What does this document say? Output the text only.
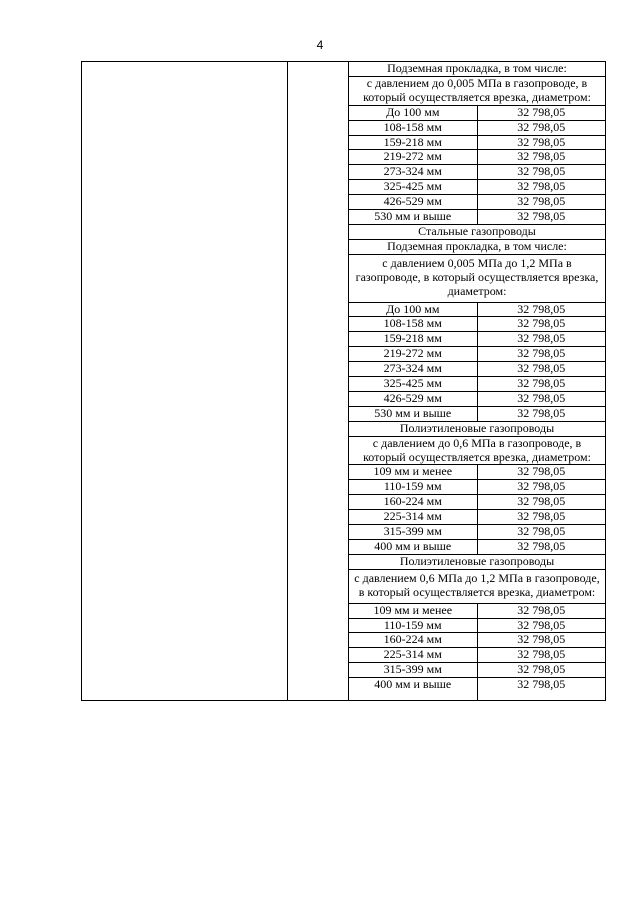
4

Подземная прокладка, в том числе:
с давлением до 0,005 МПа в газопроводе, в который осуществляется врезка, диаметром:
До 100 мм	32 798,05
108-158 мм	32 798,05
159-218 мм	32 798,05
219-272 мм	32 798,05
273-324 мм	32 798,05
325-425 мм	32 798,05
426-529 мм	32 798,05
530 мм и выше	32 798,05
Стальные газопроводы
Подземная прокладка, в том числе:
с давлением 0,005 МПа до 1,2 МПа в газопроводе, в который осуществляется врезка, диаметром:
До 100 мм	32 798,05
108-158 мм	32 798,05
159-218 мм	32 798,05
219-272 мм	32 798,05
273-324 мм	32 798,05
325-425 мм	32 798,05
426-529 мм	32 798,05
530 мм и выше	32 798,05
Полиэтиленовые газопроводы
с давлением до 0,6 МПа в газопроводе, в который осуществляется врезка, диаметром:
109 мм и менее	32 798,05
110-159 мм	32 798,05
160-224 мм	32 798,05
225-314 мм	32 798,05
315-399 мм	32 798,05
400 мм и выше	32 798,05
Полиэтиленовые газопроводы
с давлением 0,6 МПа до 1,2 МПа в газопроводе, в который осуществляется врезка, диаметром:
109 мм и менее	32 798,05
110-159 мм	32 798,05
160-224 мм	32 798,05
225-314 мм	32 798,05
315-399 мм	32 798,05
400 мм и выше	32 798,05
